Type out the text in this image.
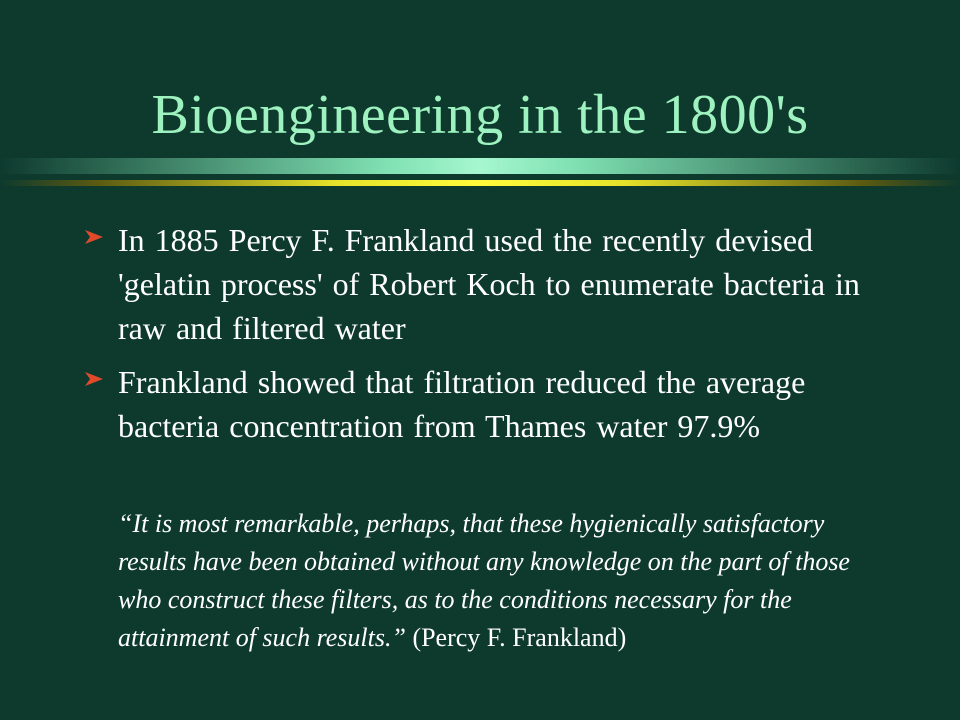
Bioengineering in the 1800's
In 1885 Percy F. Frankland used the recently devised 'gelatin process' of Robert Koch to enumerate bacteria in raw and filtered water
Frankland showed that filtration reduced the average bacteria concentration from Thames water 97.9%
“It is most remarkable, perhaps, that these hygienically satisfactory results have been obtained without any knowledge on the part of those who construct these filters, as to the conditions necessary for the attainment of such results.” (Percy F. Frankland)
